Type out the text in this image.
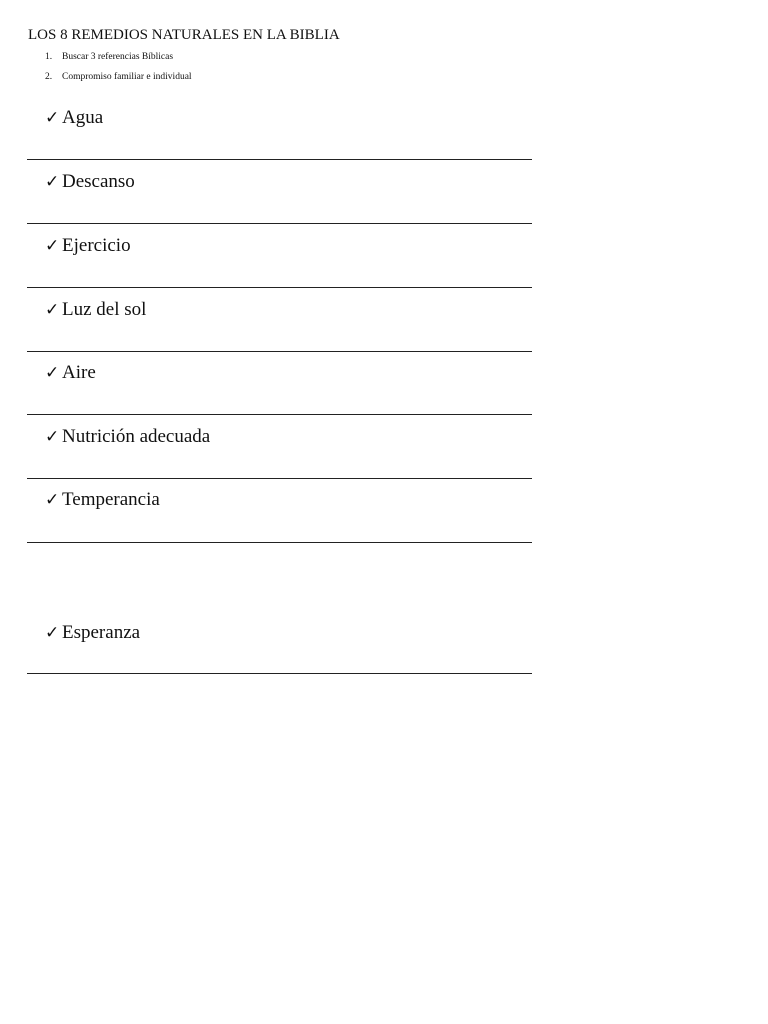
LOS 8 REMEDIOS NATURALES EN LA BIBLIA
1. Buscar 3 referencias Bíblicas
2. Compromiso familiar e individual
✓ Agua
✓ Descanso
✓ Ejercicio
✓ Luz del sol
✓ Aire
✓ Nutrición adecuada
✓ Temperancia
✓ Esperanza
